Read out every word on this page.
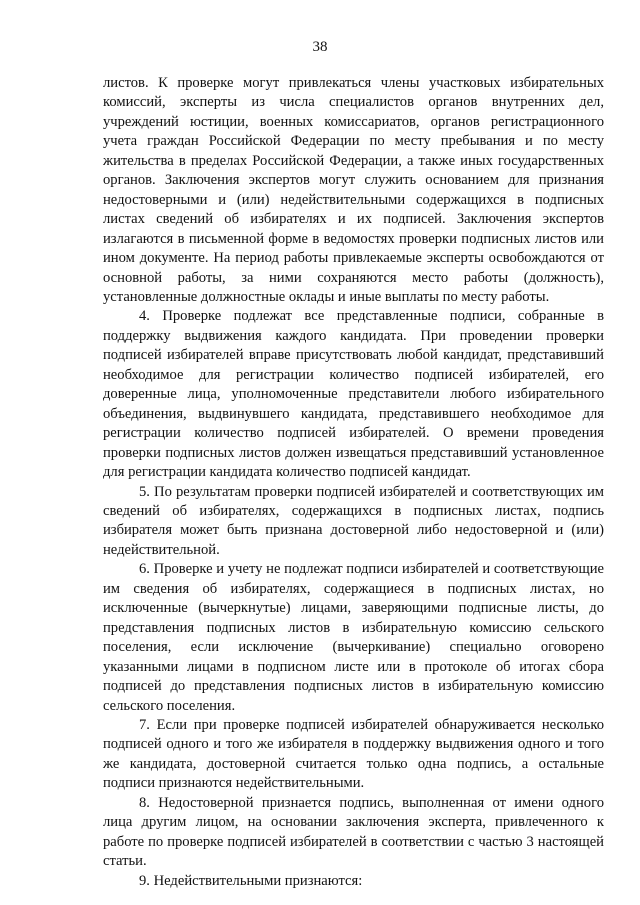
38

листов. К проверке могут привлекаться члены участковых избирательных комиссий, эксперты из числа специалистов органов внутренних дел, учреждений юстиции, военных комиссариатов, органов регистрационного учета граждан Российской Федерации по месту пребывания и по месту жительства в пределах Российской Федерации, а также иных государственных органов. Заключения экспертов могут служить основанием для признания недостоверными и (или) недействительными содержащихся в подписных листах сведений об избирателях и их подписей. Заключения экспертов излагаются в письменной форме в ведомостях проверки подписных листов или ином документе. На период работы привлекаемые эксперты освобождаются от основной работы, за ними сохраняются место работы (должность), установленные должностные оклады и иные выплаты по месту работы.

4. Проверке подлежат все представленные подписи, собранные в поддержку выдвижения каждого кандидата. При проведении проверки подписей избирателей вправе присутствовать любой кандидат, представивший необходимое для регистрации количество подписей избирателей, его доверенные лица, уполномоченные представители любого избирательного объединения, выдвинувшего кандидата, представившего необходимое для регистрации количество подписей избирателей. О времени проведения проверки подписных листов должен извещаться представивший установленное для регистрации кандидата количество подписей кандидат.

5. По результатам проверки подписей избирателей и соответствующих им сведений об избирателях, содержащихся в подписных листах, подпись избирателя может быть признана достоверной либо недостоверной и (или) недействительной.

6. Проверке и учету не подлежат подписи избирателей и соответствующие им сведения об избирателях, содержащиеся в подписных листах, но исключенные (вычеркнутые) лицами, заверяющими подписные листы, до представления подписных листов в избирательную комиссию сельского поселения, если исключение (вычеркивание) специально оговорено указанными лицами в подписном листе или в протоколе об итогах сбора подписей до представления подписных листов в избирательную комиссию сельского поселения.

7. Если при проверке подписей избирателей обнаруживается несколько подписей одного и того же избирателя в поддержку выдвижения одного и того же кандидата, достоверной считается только одна подпись, а остальные подписи признаются недействительными.

8. Недостоверной признается подпись, выполненная от имени одного лица другим лицом, на основании заключения эксперта, привлеченного к работе по проверке подписей избирателей в соответствии с частью 3 настоящей статьи.

9. Недействительными признаются:
